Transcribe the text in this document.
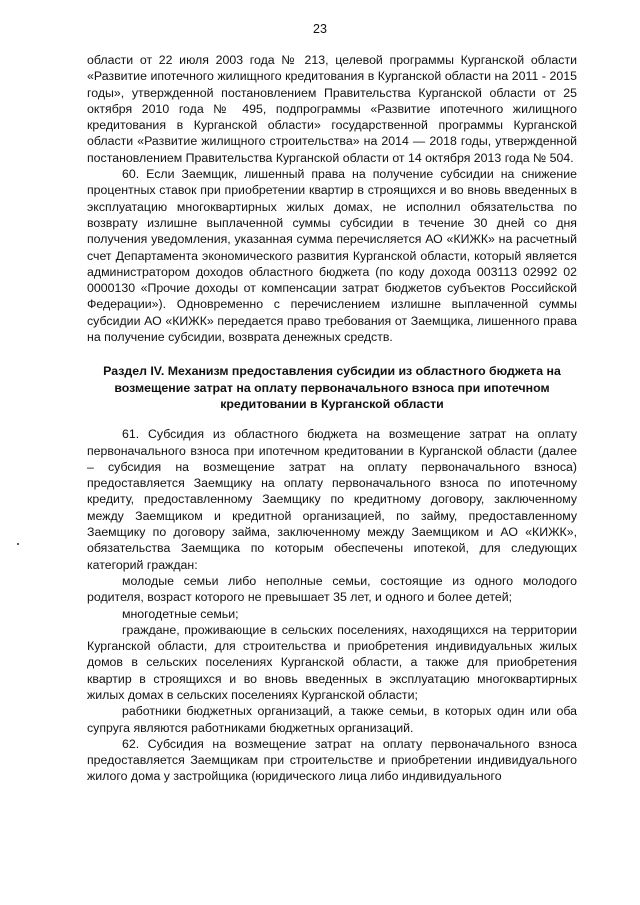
23

области от 22 июля 2003 года № 213, целевой программы Курганской области «Развитие ипотечного жилищного кредитования в Курганской области на 2011 - 2015 годы», утвержденной постановлением Правительства Курганской области от 25 октября 2010 года № 495, подпрограммы «Развитие ипотечного жилищного кредитования в Курганской области» государственной программы Курганской области «Развитие жилищного строительства» на 2014 — 2018 годы, утвержденной постановлением Правительства Курганской области от 14 октября 2013 года № 504.

60. Если Заемщик, лишенный права на получение субсидии на снижение процентных ставок при приобретении квартир в строящихся и во вновь введенных в эксплуатацию многоквартирных жилых домах, не исполнил обязательства по возврату излишне выплаченной суммы субсидии в течение 30 дней со дня получения уведомления, указанная сумма перечисляется АО «КИЖК» на расчетный счет Департамента экономического развития Курганской области, который является администратором доходов областного бюджета (по коду дохода 003113 02992 02 0000130 «Прочие доходы от компенсации затрат бюджетов субъектов Российской Федерации»). Одновременно с перечислением излишне выплаченной суммы субсидии АО «КИЖК» передается право требования от Заемщика, лишенного права на получение субсидии, возврата денежных средств.

Раздел IV. Механизм предоставления субсидии из областного бюджета на
возмещение затрат на оплату первоначального взноса при ипотечном
кредитовании в Курганской области

61. Субсидия из областного бюджета на возмещение затрат на оплату первоначального взноса при ипотечном кредитовании в Курганской области (далее – субсидия на возмещение затрат на оплату первоначального взноса) предоставляется Заемщику на оплату первоначального взноса по ипотечному кредиту, предоставленному Заемщику по кредитному договору, заключенному между Заемщиком и кредитной организацией, по займу, предоставленному Заемщику по договору займа, заключенному между Заемщиком и АО «КИЖК», обязательства Заемщика по которым обеспечены ипотекой, для следующих категорий граждан:

молодые семьи либо неполные семьи, состоящие из одного молодого родителя, возраст которого не превышает 35 лет, и одного и более детей;

многодетные семьи;

граждане, проживающие в сельских поселениях, находящихся на территории Курганской области, для строительства и приобретения индивидуальных жилых домов в сельских поселениях Курганской области, а также для приобретения квартир в строящихся и во вновь введенных в эксплуатацию многоквартирных жилых домах в сельских поселениях Курганской области;

работники бюджетных организаций, а также семьи, в которых один или оба супруга являются работниками бюджетных организаций.

62. Субсидия на возмещение затрат на оплату первоначального взноса предоставляется Заемщикам при строительстве и приобретении индивидуального жилого дома у застройщика (юридического лица либо индивидуального
